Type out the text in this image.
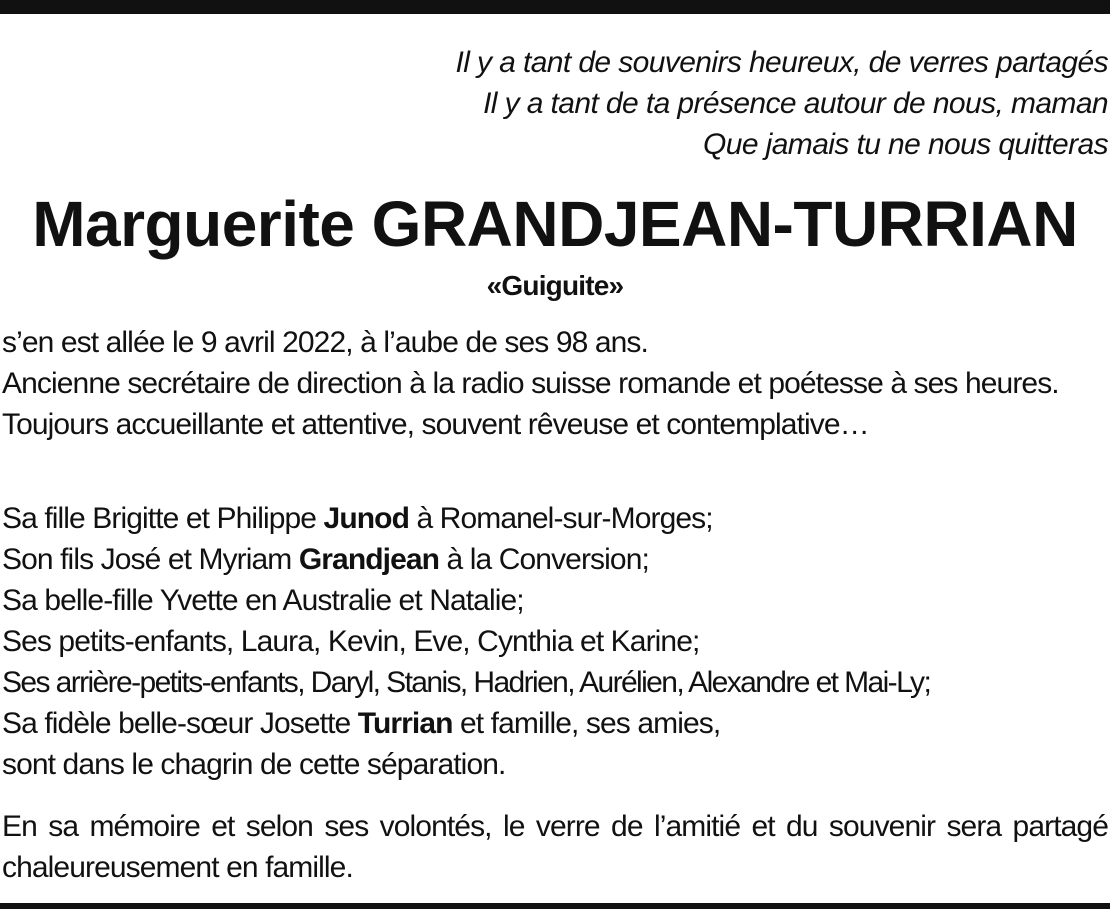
Il y a tant de souvenirs heureux, de verres partagés
Il y a tant de ta présence autour de nous, maman
Que jamais tu ne nous quitteras
Marguerite GRANDJEAN-TURRIAN
«Guiguite»
s’en est allée le 9 avril 2022, à l’aube de ses 98 ans.
Ancienne secrétaire de direction à la radio suisse romande et poétesse à ses heures.
Toujours accueillante et attentive, souvent rêveuse et contemplative…
Sa fille Brigitte et Philippe Junod à Romanel-sur-Morges;
Son fils José et Myriam Grandjean à la Conversion;
Sa belle-fille Yvette en Australie et Natalie;
Ses petits-enfants, Laura, Kevin, Eve, Cynthia et Karine;
Ses arrière-petits-enfants, Daryl, Stanis, Hadrien, Aurélien, Alexandre et Mai-Ly;
Sa fidèle belle-sœur Josette Turrian et famille, ses amies,
sont dans le chagrin de cette séparation.
En sa mémoire et selon ses volontés, le verre de l’amitié et du souvenir sera partagé chaleureusement en famille.
